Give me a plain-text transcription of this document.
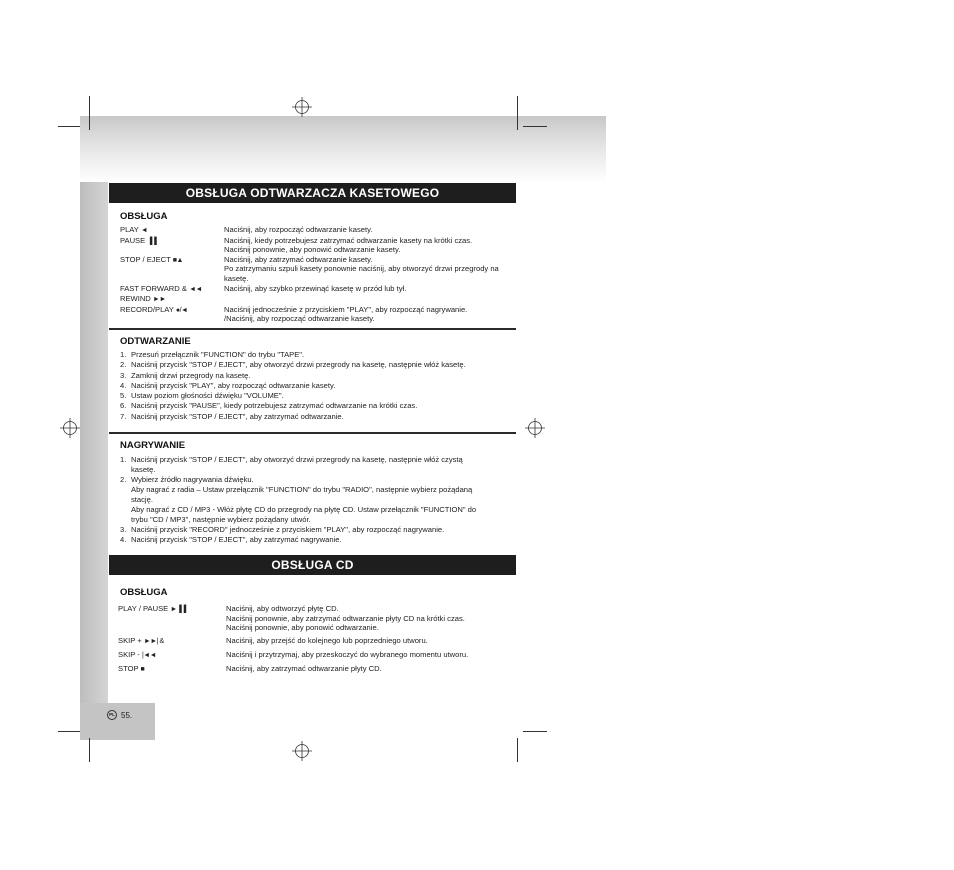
OBSŁUGA ODTWARZACZA KASETOWEGO
OBSŁUGA
PLAY ◄	Naciśnij, aby rozpocząć odtwarzanie kasety.
PAUSE ▐▐	Naciśnij, kiedy potrzebujesz zatrzymać odtwarzanie kasety na krótki czas.
Naciśnij ponownie, aby ponowić odtwarzanie kasety.
STOP / EJECT ■▲	Naciśnij, aby zatrzymać odtwarzanie kasety.
Po zatrzymaniu szpuli kasety ponownie naciśnij, aby otworzyć drzwi przegrody na kasetę.
FAST FORWARD & ◄◄	Naciśnij, aby szybko przewinąć kasetę w przód lub tył.
REWIND ►►

RECORD/PLAY ●/◄	Naciśnij jednocześnie z przyciskiem "PLAY", aby rozpocząć nagrywanie.
/Naciśnij, aby rozpocząć odtwarzanie kasety.
ODTWARZANIE
1. Przesuń przełącznik "FUNCTION" do trybu "TAPE".
2. Naciśnij przycisk "STOP / EJECT", aby otworzyć drzwi przegrody na kasetę, następnie włóż kasetę.
3. Zamknij drzwi przegrody na kasetę.
4. Naciśnij przycisk "PLAY", aby rozpocząć odtwarzanie kasety.
5. Ustaw poziom głośności dźwięku "VOLUME".
6. Naciśnij przycisk "PAUSE", kiedy potrzebujesz zatrzymać odtwarzanie na krótki czas.
7. Naciśnij przycisk "STOP / EJECT", aby zatrzymać odtwarzanie.
NAGRYWANIE
1. Naciśnij przycisk "STOP / EJECT", aby otworzyć drzwi przegrody na kasetę, następnie włóż czystą
kasetę.
2. Wybierz źródło nagrywania dźwięku.
Aby nagrać z radia – Ustaw przełącznik "FUNCTION" do trybu "RADIO", następnie wybierz pożądaną
stację.
Aby nagrać z CD / MP3 - Włóż płytę CD do przegrody na płytę CD. Ustaw przełącznik "FUNCTION" do
trybu "CD / MP3", następnie wybierz pożądany utwór.
3. Naciśnij przycisk "RECORD" jednocześnie z przyciskiem "PLAY", aby rozpocząć nagrywanie.
4. Naciśnij przycisk "STOP / EJECT", aby zatrzymać nagrywanie.
OBSŁUGA CD
OBSŁUGA
PLAY / PAUSE ►▐▐	Naciśnij, aby odtworzyć płytę CD.
Naciśnij ponownie, aby zatrzymać odtwarzanie płyty CD na krótki czas.
Naciśnij ponownie, aby ponowić odtwarzanie.
SKIP + ►►| &	Naciśnij, aby przejść do kolejnego lub poprzedniego utworu.
SKIP - |◄◄	Naciśnij i przytrzymaj, aby przeskoczyć do wybranego momentu utworu.
STOP ■	Naciśnij, aby zatrzymać odtwarzanie płyty CD.
PL 55.
